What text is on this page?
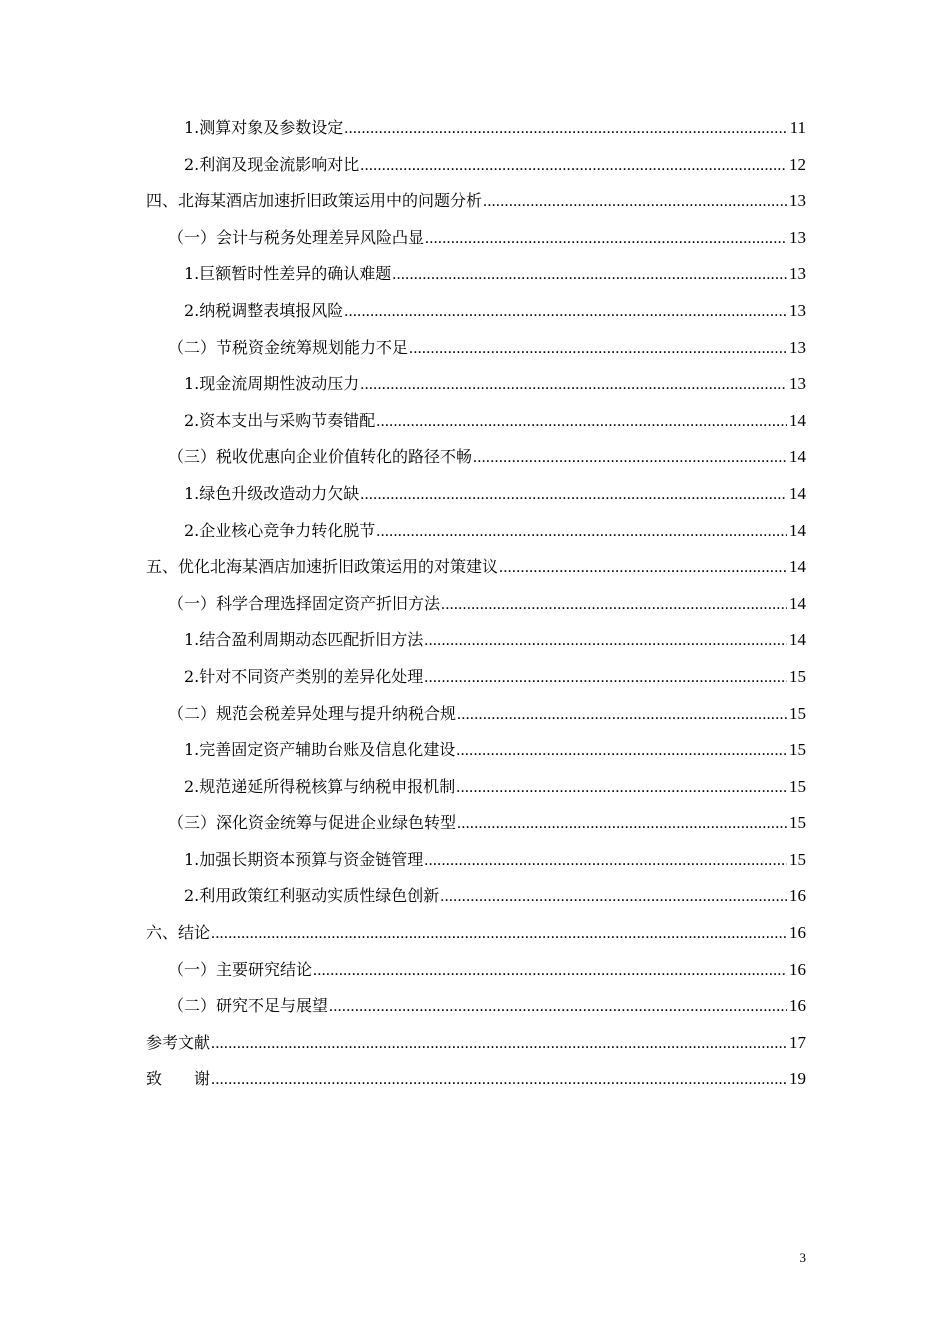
1.测算对象及参数设定 .....	11
2.利润及现金流影响对比 .....	12
四、北海某酒店加速折旧政策运用中的问题分析 .....	13
（一）会计与税务处理差异风险凸显 .....	13
1.巨额暂时性差异的确认难题 .....	13
2.纳税调整表填报风险 .....	13
（二）节税资金统筹规划能力不足 .....	13
1.现金流周期性波动压力 .....	13
2.资本支出与采购节奏错配 .....	14
（三）税收优惠向企业价值转化的路径不畅 .....	14
1.绿色升级改造动力欠缺 .....	14
2.企业核心竞争力转化脱节 .....	14
五、优化北海某酒店加速折旧政策运用的对策建议 .....	14
（一）科学合理选择固定资产折旧方法 .....	14
1.结合盈利周期动态匹配折旧方法 .....	14
2.针对不同资产类别的差异化处理 .....	15
（二）规范会税差异处理与提升纳税合规 .....	15
1.完善固定资产辅助台账及信息化建设 .....	15
2.规范递延所得税核算与纳税申报机制 .....	15
（三）深化资金统筹与促进企业绿色转型 .....	15
1.加强长期资本预算与资金链管理 .....	15
2.利用政策红利驱动实质性绿色创新 .....	16
六、结论 .....	16
（一）主要研究结论 .....	16
（二）研究不足与展望 .....	16
参考文献 .....	17
致　　谢 .....	19
3
